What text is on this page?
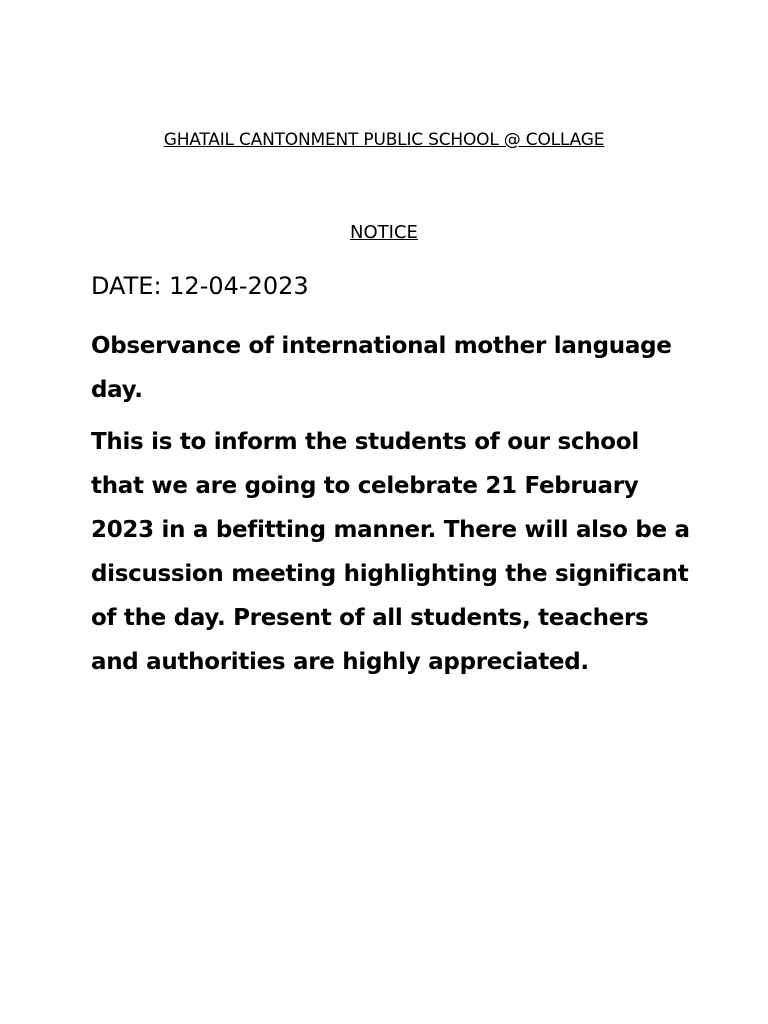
GHATAIL CANTONMENT PUBLIC SCHOOL @ COLLAGE

NOTICE

DATE: 12-04-2023

Observance of international mother language day.

This is to inform the students of our school that we are going to celebrate 21 February 2023 in a befitting manner. There will also be a discussion meeting highlighting the significant of the day. Present of all students, teachers and authorities are highly appreciated.
